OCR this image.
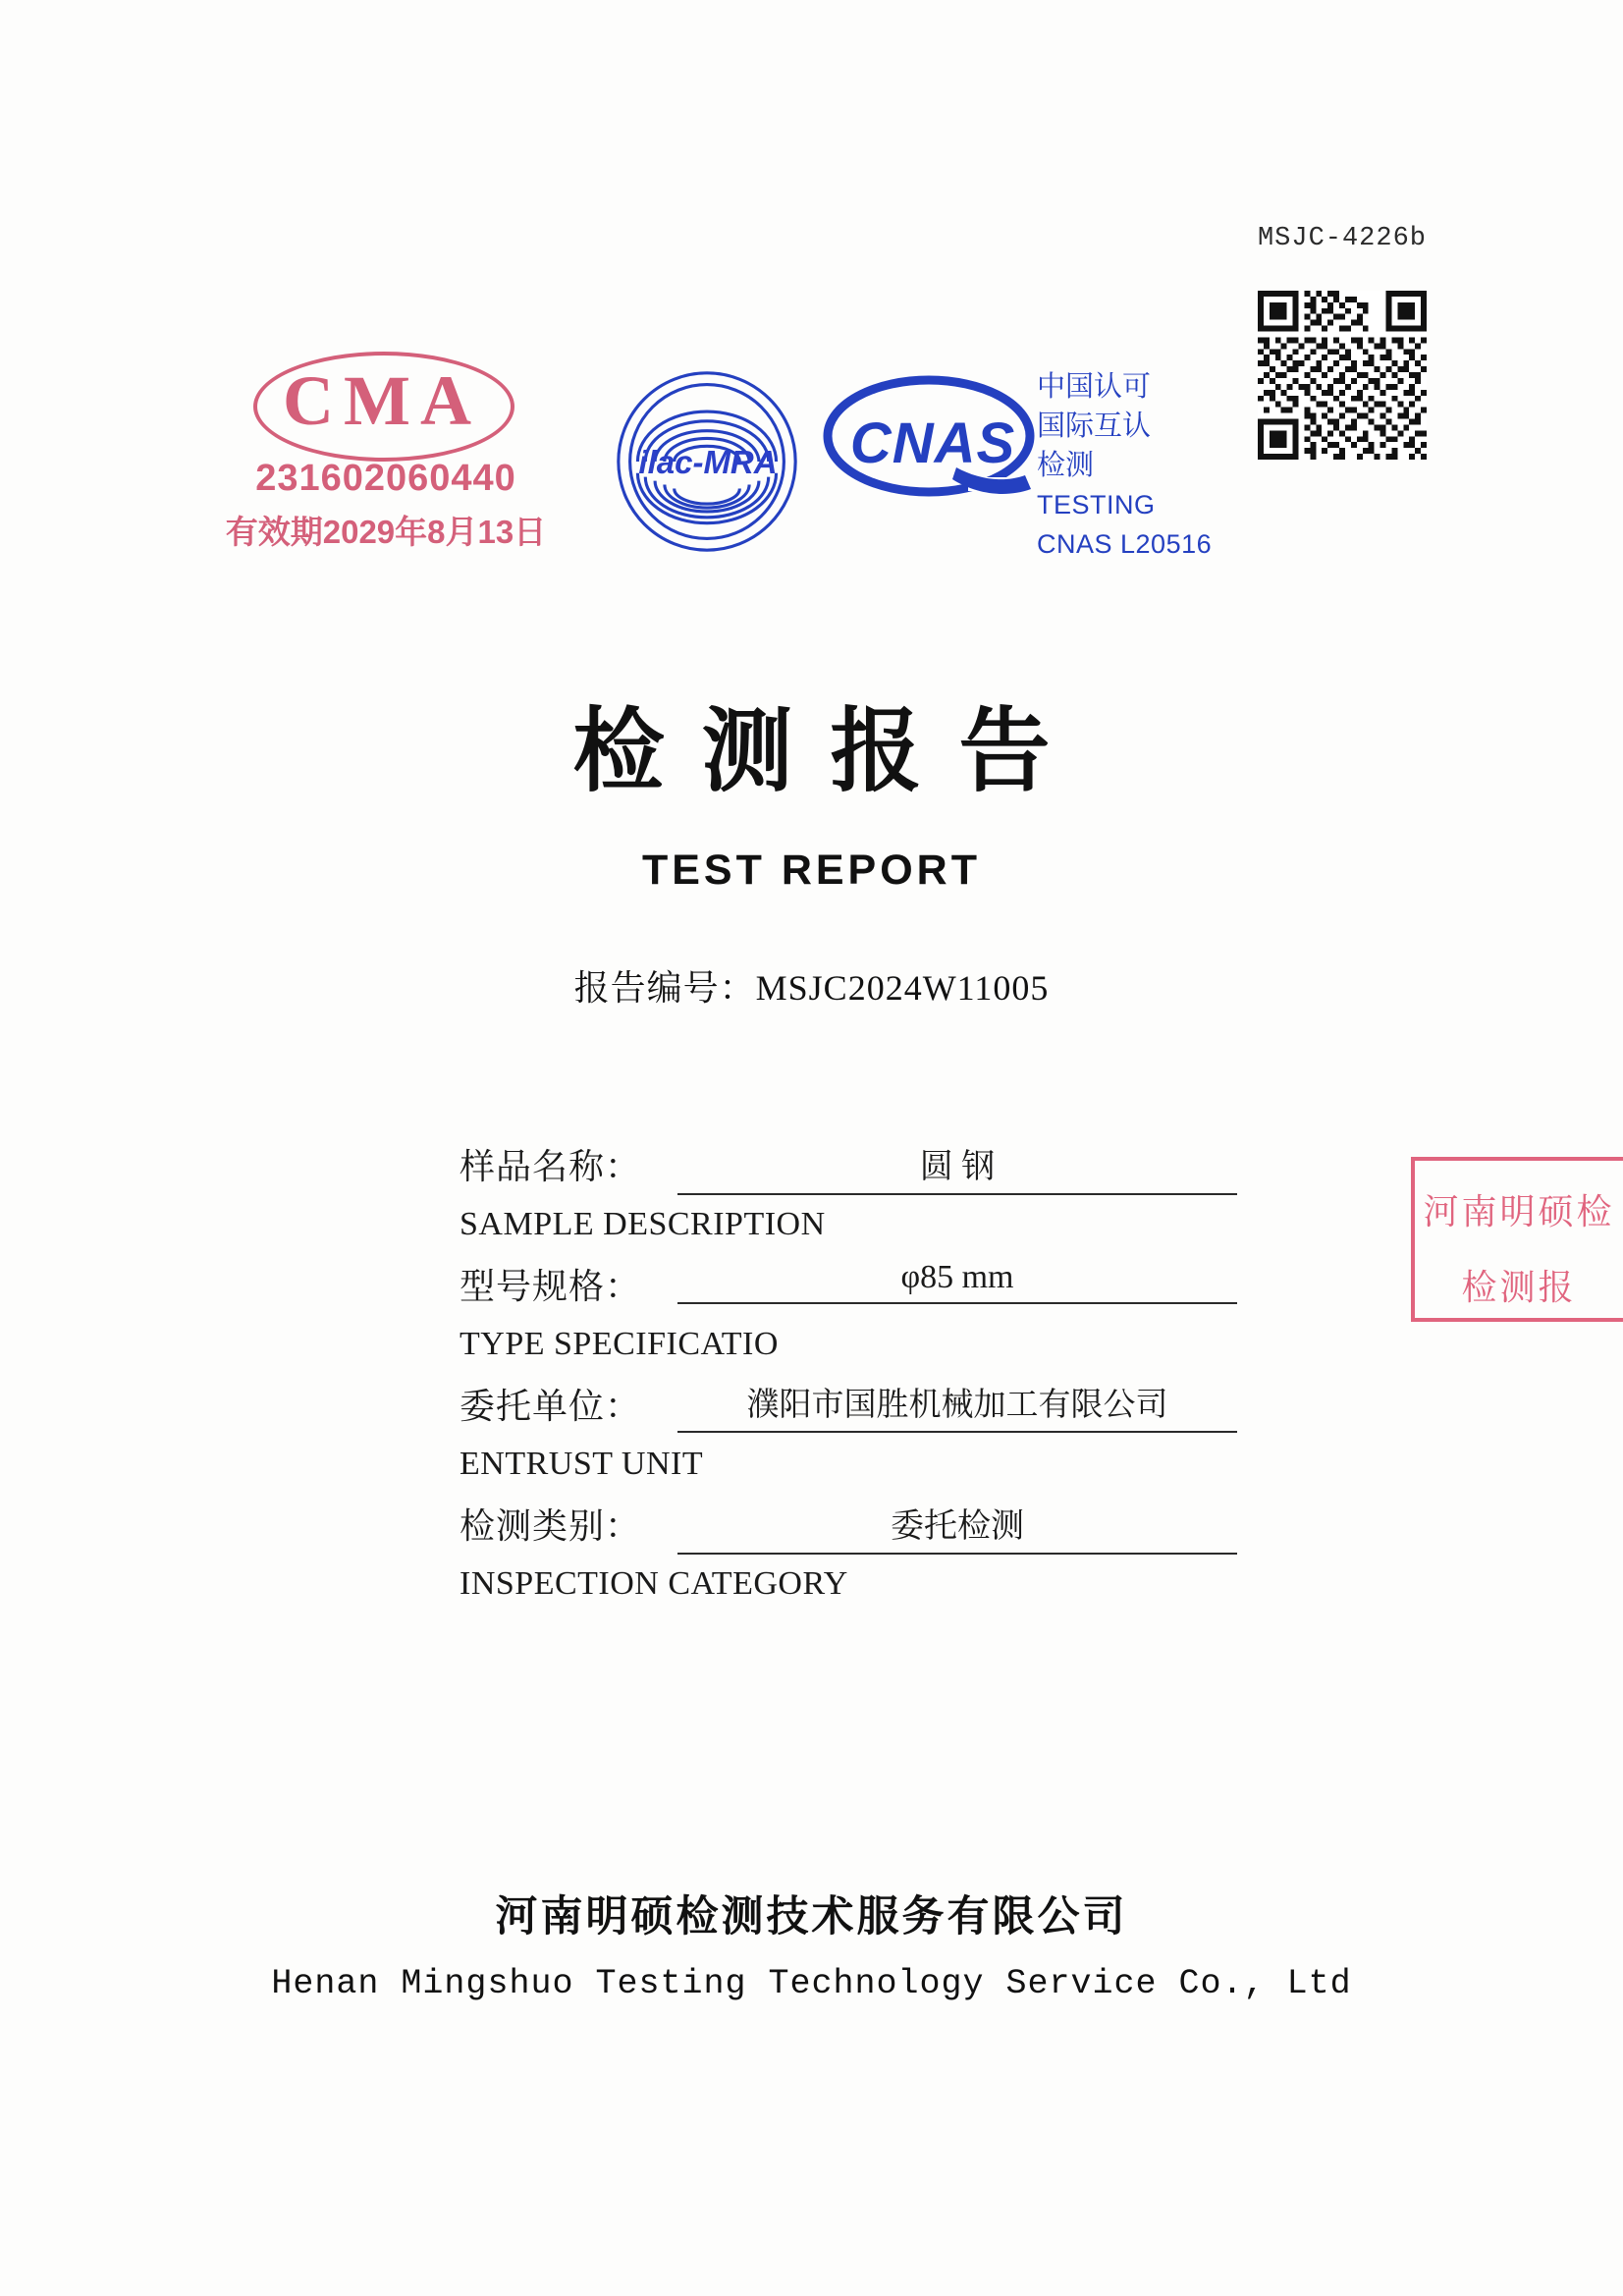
MSJC-4226b
CMA
231602060440
有效期2029年8月13日
ilac-MRA	CNAS
中国认可
国际互认
检测
TESTING
CNAS L20516
检测报告
TEST REPORT
报告编号：MSJC2024W11005
样品名称：	圆 钢
SAMPLE DESCRIPTION
型号规格：	φ85 mm
TYPE SPECIFICATIO
委托单位：	濮阳市国胜机械加工有限公司
ENTRUST UNIT
检测类别：	委托检测
INSPECTION CATEGORY
河南明硕检
检测报
河南明硕检测技术服务有限公司
Henan Mingshuo Testing Technology Service Co., Ltd
